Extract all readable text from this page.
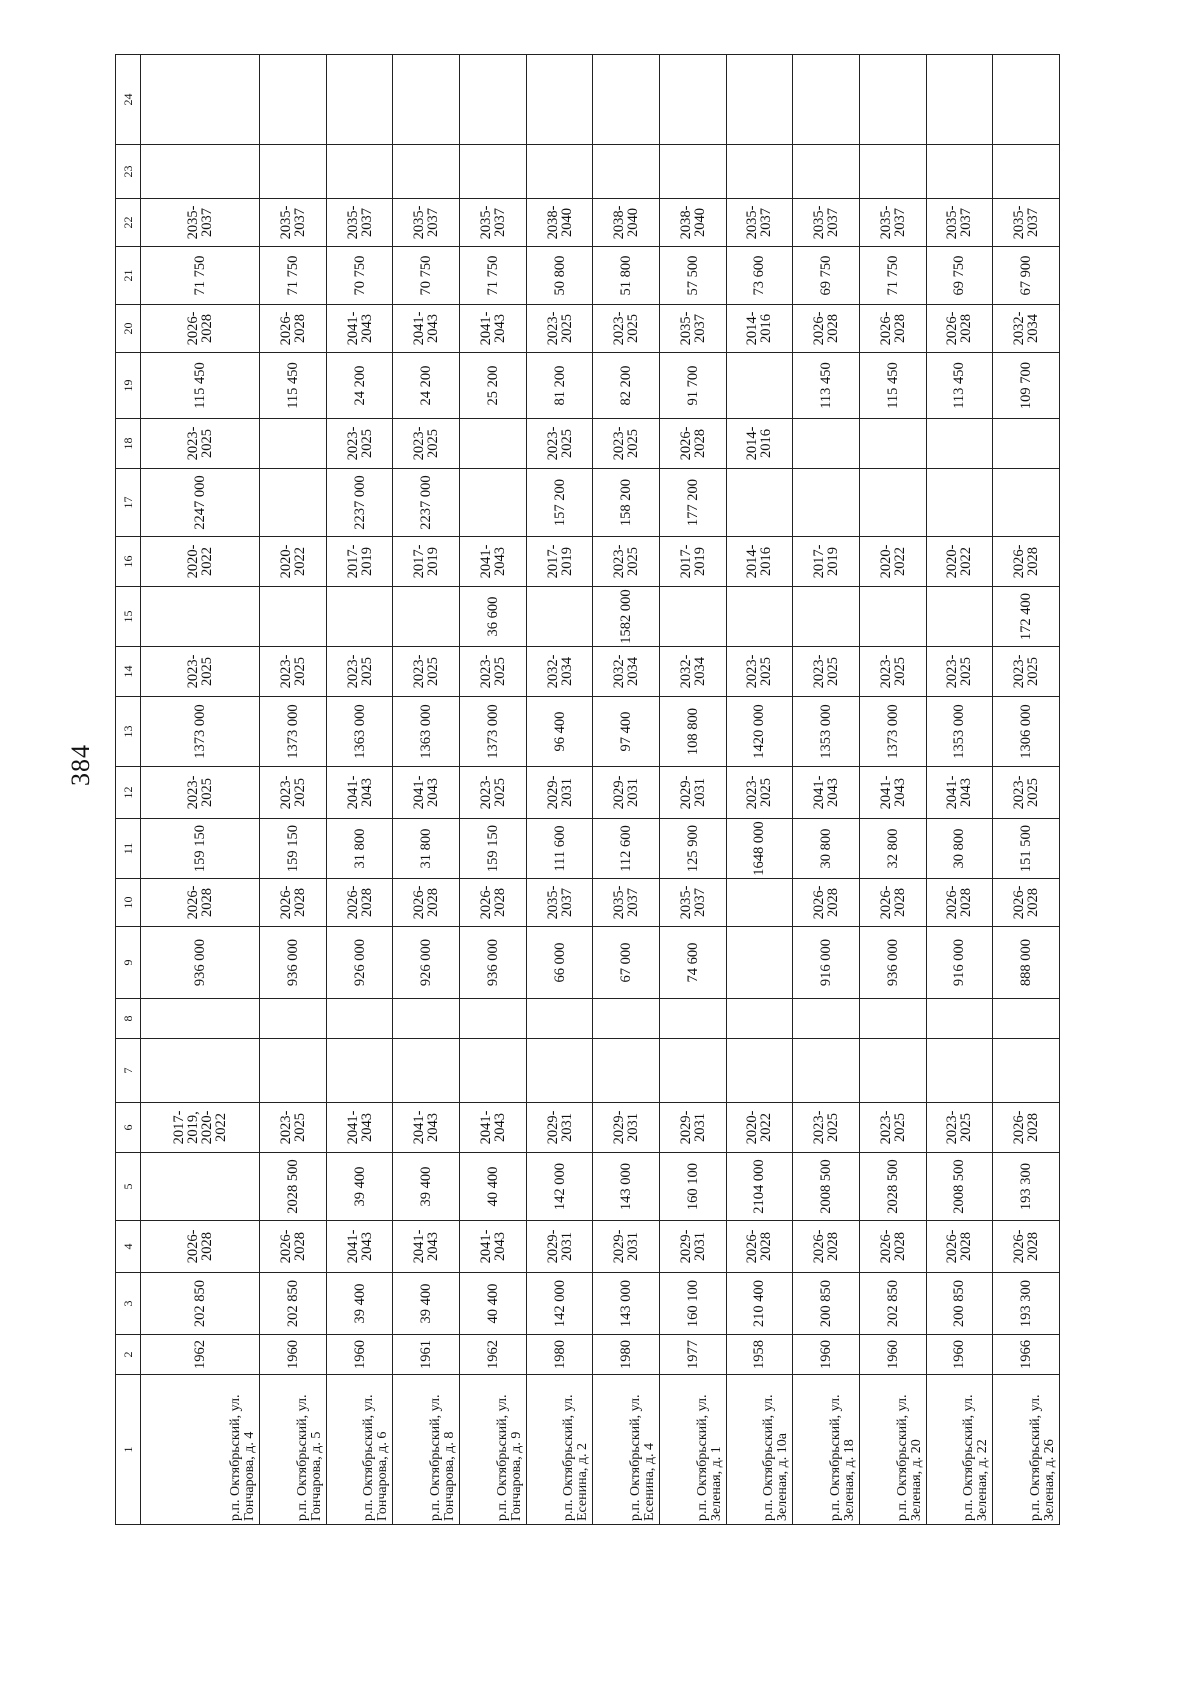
384
1	2	3	4	5	6	7	8	9	10	11	12	13	14	15	16	17	18	19	20	21	22	23	24
р.п. Октябрьский, ул. Гончарова, д. 4	1962	202 850	2026-2028		2017-2019, 2020-2022			936 000	2026-2028	159 150	2023-2025	1373 000	2023-2025		2020-2022	2247 000	2023-2025	115 450	2026-2028	71 750	2035-2037		
р.п. Октябрьский, ул. Гончарова, д. 5	1960	202 850	2026-2028	2028 500	2023-2025			936 000	2026-2028	159 150	2023-2025	1373 000	2023-2025		2020-2022			115 450	2026-2028	71 750	2035-2037		
р.п. Октябрьский, ул. Гончарова, д. 6	1960	39 400	2041-2043	39 400	2041-2043			926 000	2026-2028	31 800	2041-2043	1363 000	2023-2025		2017-2019	2237 000	2023-2025	24 200	2041-2043	70 750	2035-2037		
р.п. Октябрьский, ул. Гончарова, д. 8	1961	39 400	2041-2043	39 400	2041-2043			926 000	2026-2028	31 800	2041-2043	1363 000	2023-2025		2017-2019	2237 000	2023-2025	24 200	2041-2043	70 750	2035-2037		
р.п. Октябрьский, ул. Гончарова, д. 9	1962	40 400	2041-2043	40 400	2041-2043			936 000	2026-2028	159 150	2023-2025	1373 000	2023-2025	36 600	2041-2043			25 200	2041-2043	71 750	2035-2037		
р.п. Октябрьский, ул. Есенина, д. 2	1980	142 000	2029-2031	142 000	2029-2031			66 000	2035-2037	111 600	2029-2031	96 400	2032-2034		2017-2019	157 200	2023-2025	81 200	2023-2025	50 800	2038-2040		
р.п. Октябрьский, ул. Есенина, д. 4	1980	143 000	2029-2031	143 000	2029-2031			67 000	2035-2037	112 600	2029-2031	97 400	2032-2034	1582 000	2023-2025	158 200	2023-2025	82 200	2023-2025	51 800	2038-2040		
р.п. Октябрьский, ул. Зеленая, д. 1	1977	160 100	2029-2031	160 100	2029-2031			74 600	2035-2037	125 900	2029-2031	108 800	2032-2034		2017-2019	177 200	2026-2028	91 700	2035-2037	57 500	2038-2040		
р.п. Октябрьский, ул. Зеленая, д. 10а	1958	210 400	2026-2028	2104 000	2020-2022					1648 000	2023-2025	1420 000	2023-2025		2014-2016		2014-2016		2014-2016	73 600	2035-2037		
р.п. Октябрьский, ул. Зеленая, д. 18	1960	200 850	2026-2028	2008 500	2023-2025			916 000	2026-2028	30 800	2041-2043	1353 000	2023-2025		2017-2019			113 450	2026-2028	69 750	2035-2037		
р.п. Октябрьский, ул. Зеленая, д. 20	1960	202 850	2026-2028	2028 500	2023-2025			936 000	2026-2028	32 800	2041-2043	1373 000	2023-2025		2020-2022			115 450	2026-2028	71 750	2035-2037		
р.п. Октябрьский, ул. Зеленая, д. 22	1960	200 850	2026-2028	2008 500	2023-2025			916 000	2026-2028	30 800	2041-2043	1353 000	2023-2025		2020-2022			113 450	2026-2028	69 750	2035-2037		
р.п. Октябрьский, ул. Зеленая, д. 26	1966	193 300	2026-2028	193 300	2026-2028			888 000	2026-2028	151 500	2023-2025	1306 000	2023-2025	172 400	2026-2028			109 700	2032-2034	67 900	2035-2037		
